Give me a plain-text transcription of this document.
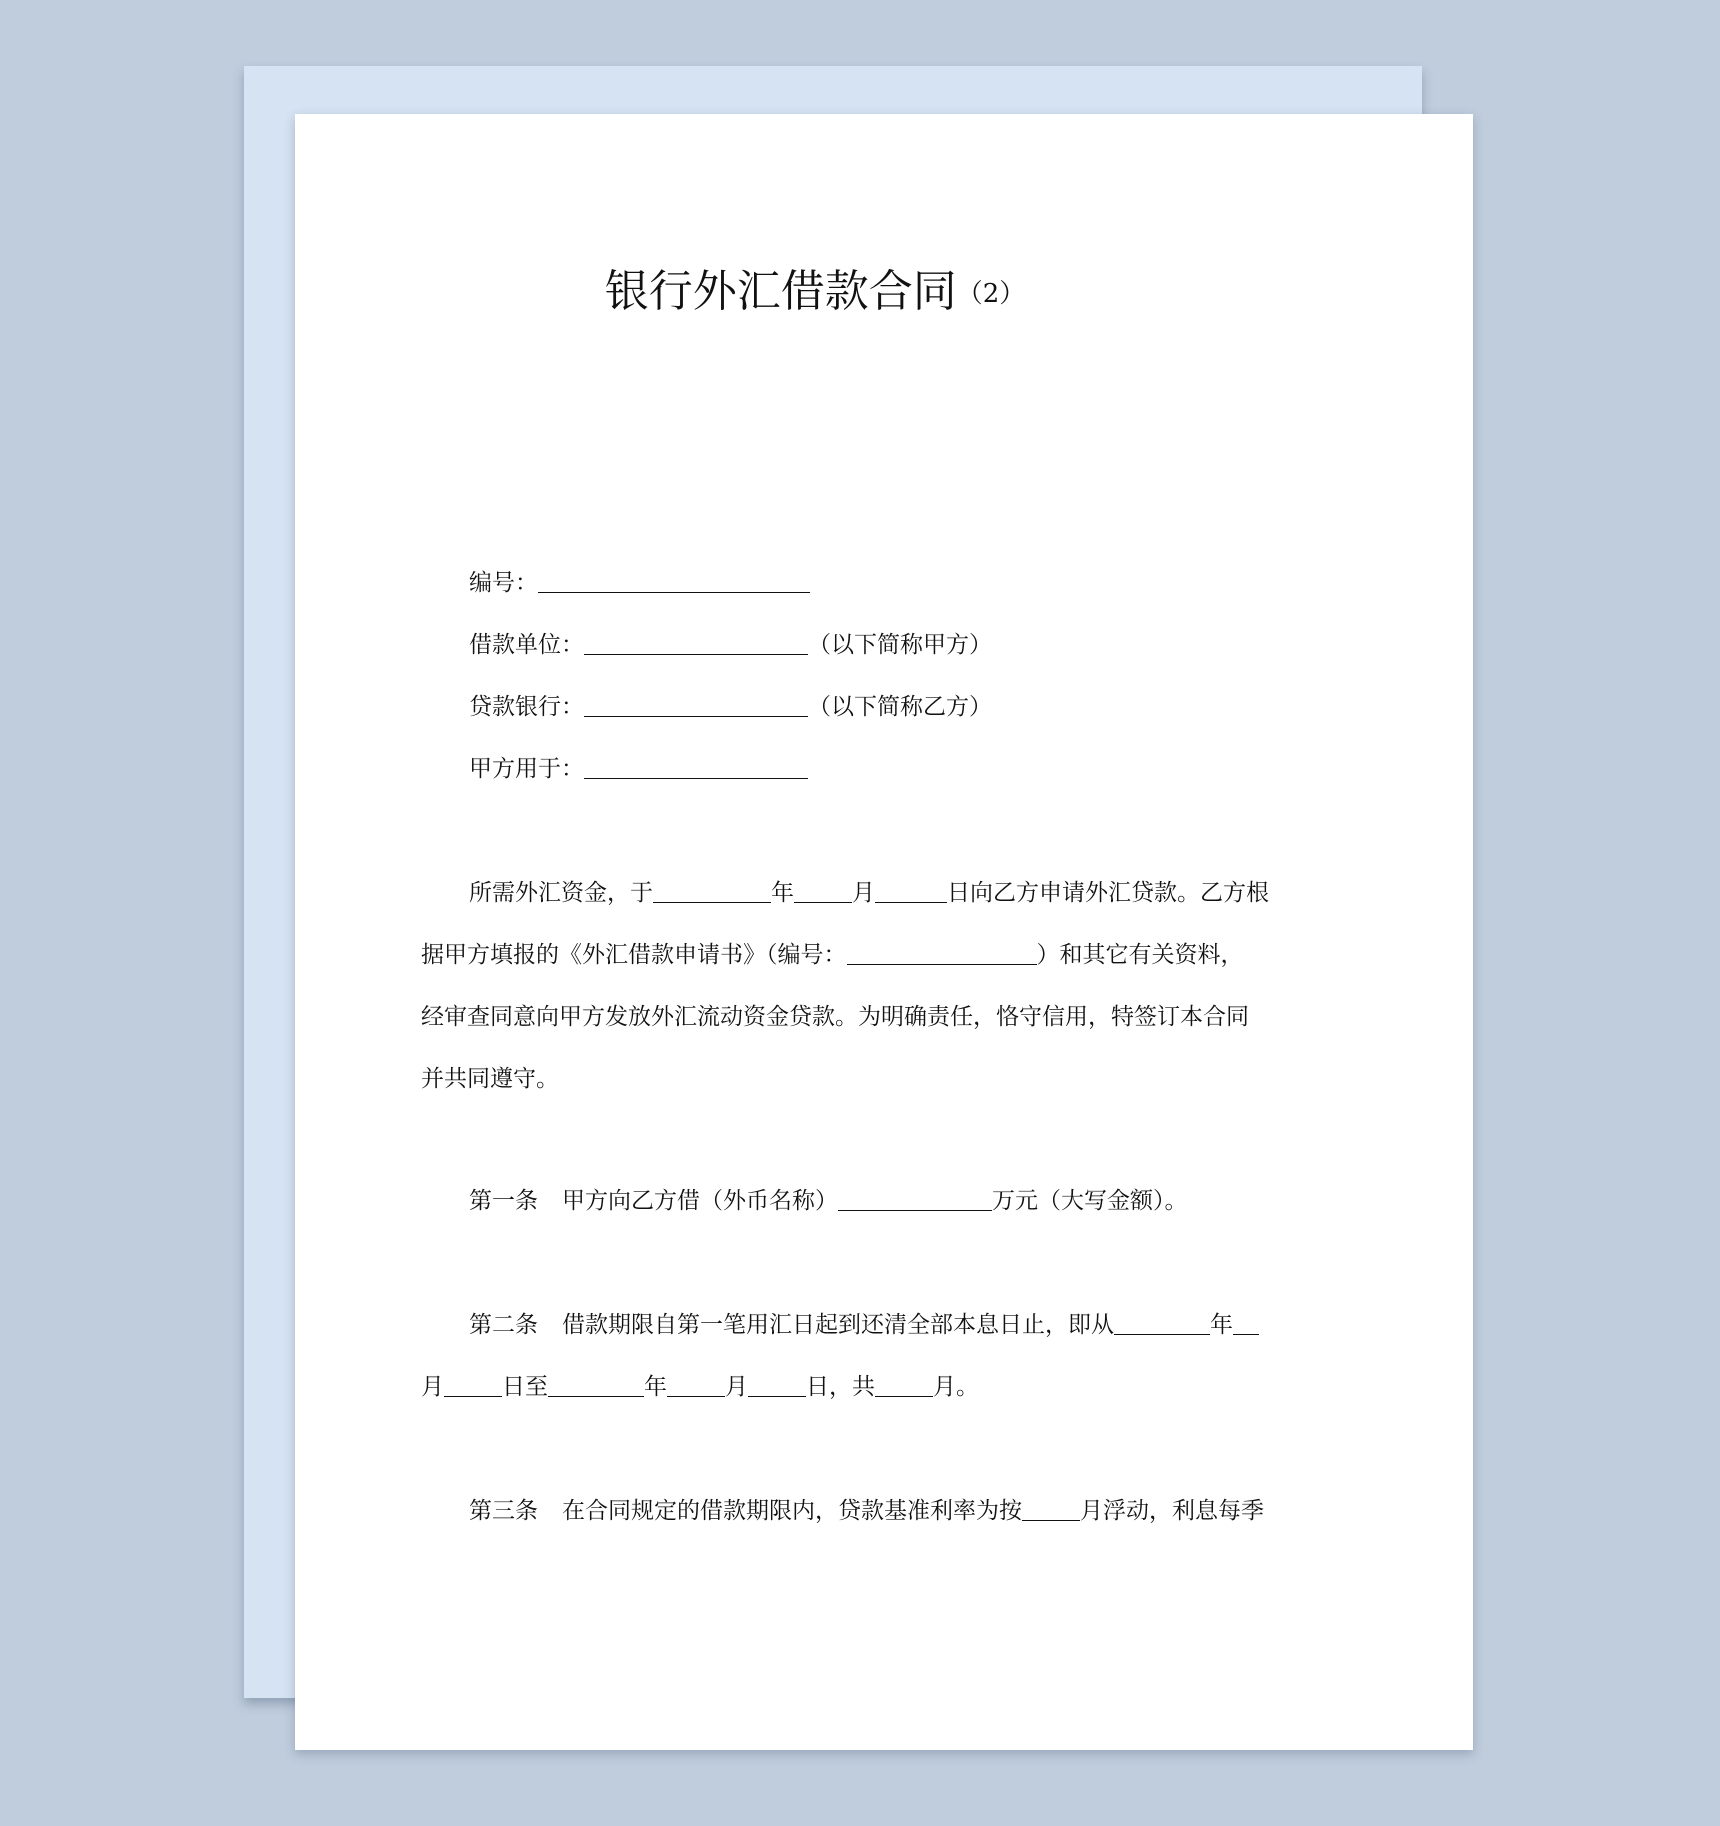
银行外汇借款合同（2）
编号：
借款单位：	（以下简称甲方）
贷款银行：	（以下简称乙方）
甲方用于：
所需外汇资金，于	年	月	日向乙方申请外汇贷款。乙方根
据甲方填报的《外汇借款申请书》（编号：	）和其它有关资料，
经审查同意向甲方发放外汇流动资金贷款。为明确责任，恪守信用，特签订本合同
并共同遵守。
第一条 甲方向乙方借（外币名称）	万元（大写金额）。
第二条 借款期限自第一笔用汇日起到还清全部本息日止，即从	年
月	日至	年	月	日，共	月。
第三条 在合同规定的借款期限内，贷款基准利率为按	月浮动，利息每季
